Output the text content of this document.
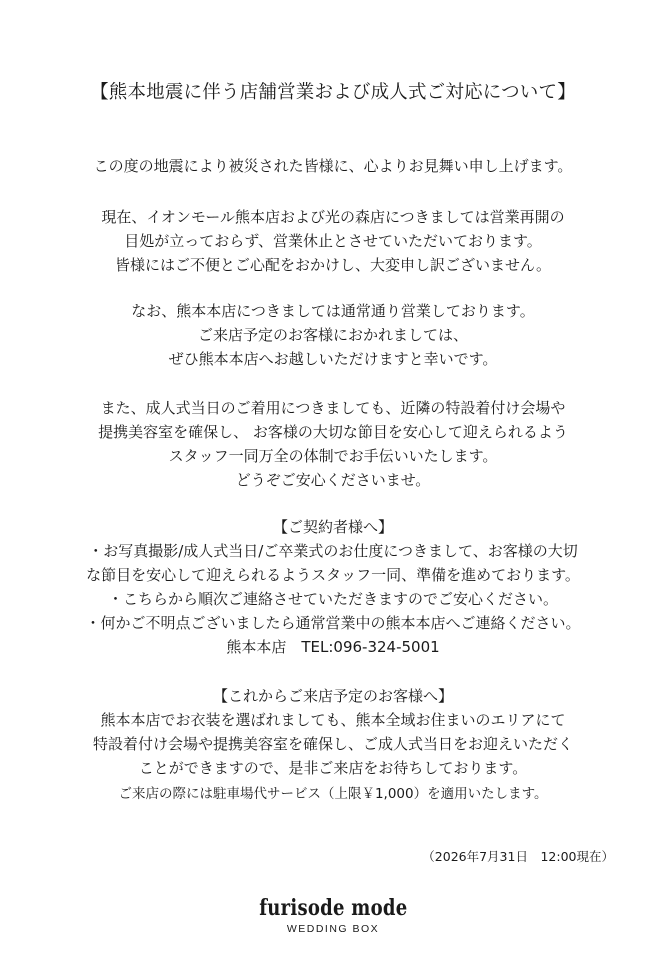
【熊本地震に伴う店舗営業および成人式ご対応について】
この度の地震により被災された皆様に、心よりお見舞い申し上げます。
現在、イオンモール熊本店および光の森店につきましては営業再開の
目処が立っておらず、営業休止とさせていただいております。
皆様にはご不便とご心配をおかけし、大変申し訳ございません。
なお、熊本本店につきましては通常通り営業しております。
ご来店予定のお客様におかれましては、
ぜひ熊本本店へお越しいただけますと幸いです。
また、成人式当日のご着用につきましても、近隣の特設着付け会場や
提携美容室を確保し、 お客様の大切な節目を安心して迎えられるよう
スタッフ一同万全の体制でお手伝いいたします。
どうぞご安心くださいませ。
【ご契約者様へ】
・お写真撮影/成人式当日/ご卒業式のお仕度につきまして、お客様の大切
な節目を安心して迎えられるようスタッフ一同、準備を進めております。
・こちらから順次ご連絡させていただきますのでご安心ください。
・何かご不明点ございましたら通常営業中の熊本本店へご連絡ください。
熊本本店　TEL:096-324-5001
【これからご来店予定のお客様へ】
熊本本店でお衣装を選ばれましても、熊本全域お住まいのエリアにて
特設着付け会場や提携美容室を確保し、ご成人式当日をお迎えいただく
ことができますので、是非ご来店をお待ちしております。
ご来店の際には駐車場代サービス（上限￥1,000）を適用いたします。
（2026年7月31日　12:00現在）
furisode mode
WEDDING BOX
